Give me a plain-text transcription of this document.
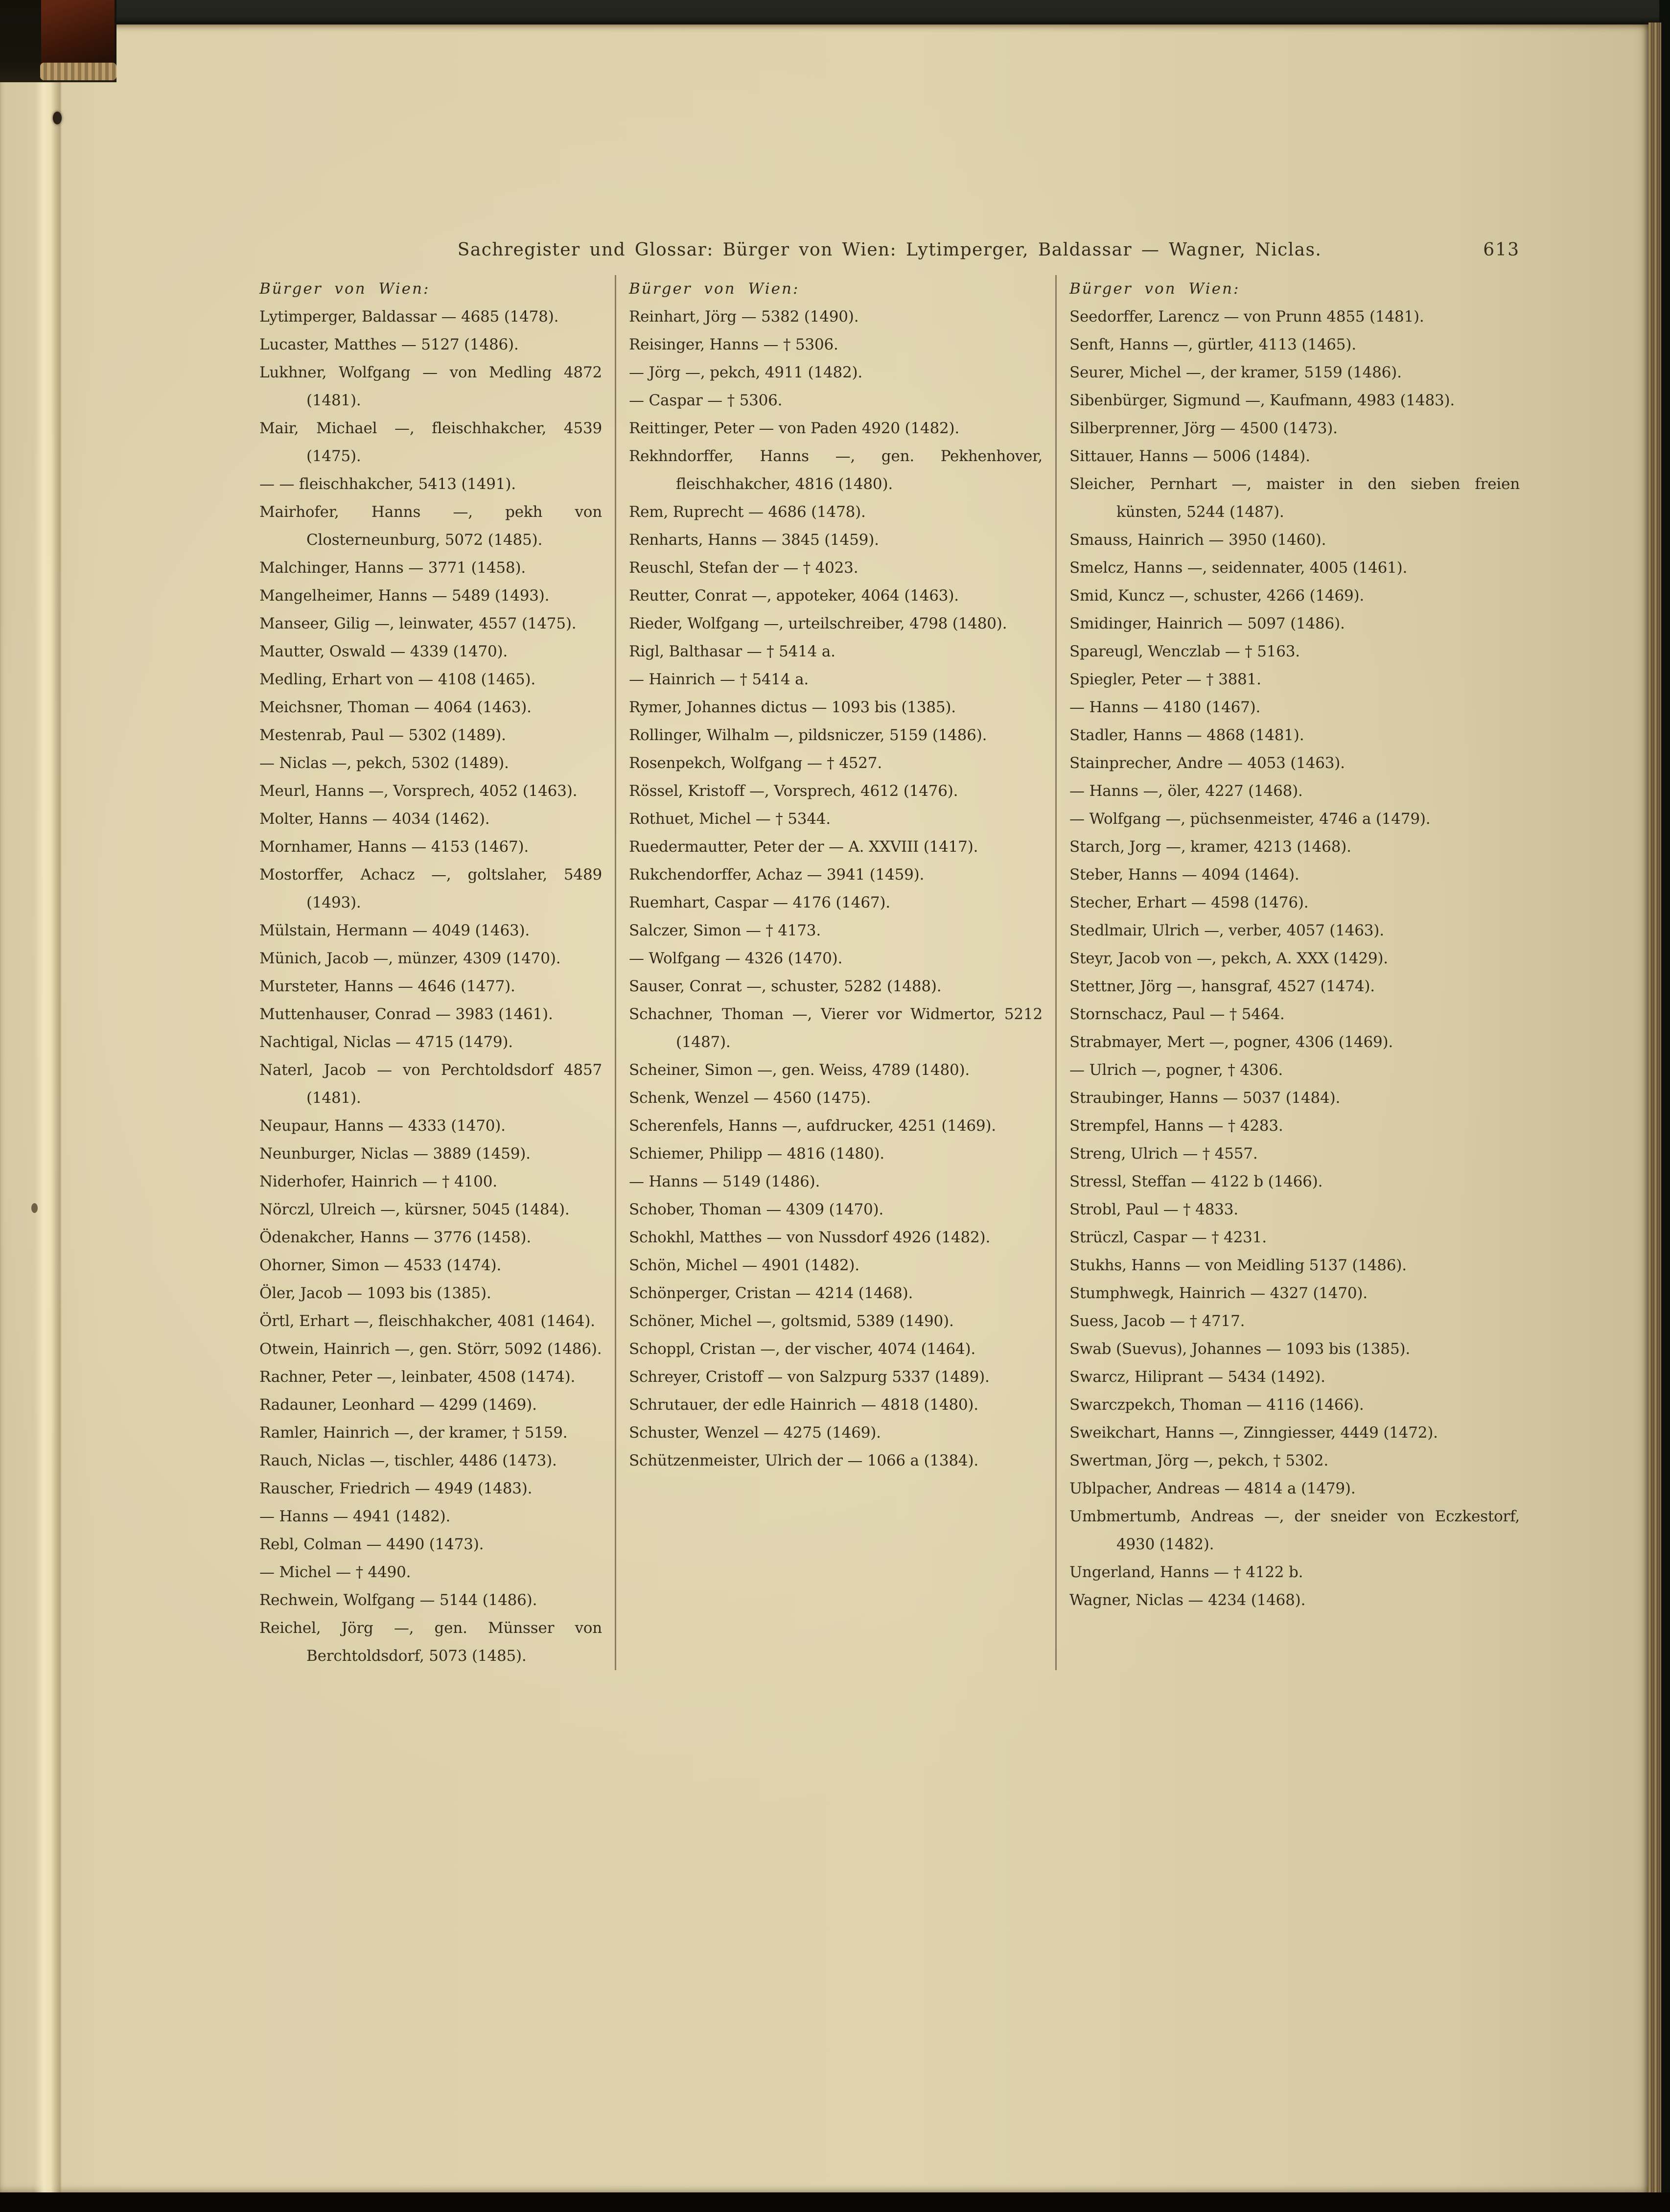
Sachregister und Glossar: Bürger von Wien: Lytimperger, Baldassar — Wagner, Niclas.	613

Bürger von Wien:

Lytimperger, Baldassar — 4685 (1478).

Lucaster, Matthes — 5127 (1486).

Lukhner, Wolfgang — von Medling 4872 (1481).

Mair, Michael —, fleischhakcher, 4539 (1475).

— — fleischhakcher, 5413 (1491).

Mairhofer, Hanns —, pekh von Closterneunburg, 5072 (1485).

Malchinger, Hanns — 3771 (1458).

Mangelheimer, Hanns — 5489 (1493).

Manseer, Gilig —, leinwater, 4557 (1475).

Mautter, Oswald — 4339 (1470).

Medling, Erhart von — 4108 (1465).

Meichsner, Thoman — 4064 (1463).

Mestenrab, Paul — 5302 (1489).

— Niclas —, pekch, 5302 (1489).

Meurl, Hanns —, Vorsprech, 4052 (1463).

Molter, Hanns — 4034 (1462).

Mornhamer, Hanns — 4153 (1467).

Mostorffer, Achacz —, goltslaher, 5489 (1493).

Mülstain, Hermann — 4049 (1463).

Münich, Jacob —, münzer, 4309 (1470).

Mursteter, Hanns — 4646 (1477).

Muttenhauser, Conrad — 3983 (1461).

Nachtigal, Niclas — 4715 (1479).

Naterl, Jacob — von Perchtoldsdorf 4857 (1481).

Neupaur, Hanns — 4333 (1470).

Neunburger, Niclas — 3889 (1459).

Niderhofer, Hainrich — † 4100.

Nörczl, Ulreich —, kürsner, 5045 (1484).

Ödenakcher, Hanns — 3776 (1458).

Ohorner, Simon — 4533 (1474).

Öler, Jacob — 1093 bis (1385).

Örtl, Erhart —, fleischhakcher, 4081 (1464).

Otwein, Hainrich —, gen. Störr, 5092 (1486).

Rachner, Peter —, leinbater, 4508 (1474).

Radauner, Leonhard — 4299 (1469).

Ramler, Hainrich —, der kramer, † 5159.

Rauch, Niclas —, tischler, 4486 (1473).

Rauscher, Friedrich — 4949 (1483).

— Hanns — 4941 (1482).

Rebl, Colman — 4490 (1473).

— Michel — † 4490.

Rechwein, Wolfgang — 5144 (1486).

Reichel, Jörg —, gen. Münsser von Berchtoldsdorf, 5073 (1485).

Bürger von Wien:

Reinhart, Jörg — 5382 (1490).

Reisinger, Hanns — † 5306.

— Jörg —, pekch, 4911 (1482).

— Caspar — † 5306.

Reittinger, Peter — von Paden 4920 (1482).

Rekhndorffer, Hanns —, gen. Pekhenhover, fleischhakcher, 4816 (1480).

Rem, Ruprecht — 4686 (1478).

Renharts, Hanns — 3845 (1459).

Reuschl, Stefan der — † 4023.

Reutter, Conrat —, appoteker, 4064 (1463).

Rieder, Wolfgang —, urteilschreiber, 4798 (1480).

Rigl, Balthasar — † 5414 a.

— Hainrich — † 5414 a.

Rymer, Johannes dictus — 1093 bis (1385).

Rollinger, Wilhalm —, pildsniczer, 5159 (1486).

Rosenpekch, Wolfgang — † 4527.

Rössel, Kristoff —, Vorsprech, 4612 (1476).

Rothuet, Michel — † 5344.

Ruedermautter, Peter der — A. XXVIII (1417).

Rukchendorffer, Achaz — 3941 (1459).

Ruemhart, Caspar — 4176 (1467).

Salczer, Simon — † 4173.

— Wolfgang — 4326 (1470).

Sauser, Conrat —, schuster, 5282 (1488).

Schachner, Thoman —, Vierer vor Widmertor, 5212 (1487).

Scheiner, Simon —, gen. Weiss, 4789 (1480).

Schenk, Wenzel — 4560 (1475).

Scherenfels, Hanns —, aufdrucker, 4251 (1469).

Schiemer, Philipp — 4816 (1480).

— Hanns — 5149 (1486).

Schober, Thoman — 4309 (1470).

Schokhl, Matthes — von Nussdorf 4926 (1482).

Schön, Michel — 4901 (1482).

Schönperger, Cristan — 4214 (1468).

Schöner, Michel —, goltsmid, 5389 (1490).

Schoppl, Cristan —, der vischer, 4074 (1464).

Schreyer, Cristoff — von Salzpurg 5337 (1489).

Schrutauer, der edle Hainrich — 4818 (1480).

Schuster, Wenzel — 4275 (1469).

Schützenmeister, Ulrich der — 1066 a (1384).

Bürger von Wien:

Seedorffer, Larencz — von Prunn 4855 (1481).

Senft, Hanns —, gürtler, 4113 (1465).

Seurer, Michel —, der kramer, 5159 (1486).

Sibenbürger, Sigmund —, Kaufmann, 4983 (1483).

Silberprenner, Jörg — 4500 (1473).

Sittauer, Hanns — 5006 (1484).

Sleicher, Pernhart —, maister in den sieben freien künsten, 5244 (1487).

Smauss, Hainrich — 3950 (1460).

Smelcz, Hanns —, seidennater, 4005 (1461).

Smid, Kuncz —, schuster, 4266 (1469).

Smidinger, Hainrich — 5097 (1486).

Spareugl, Wenczlab — † 5163.

Spiegler, Peter — † 3881.

— Hanns — 4180 (1467).

Stadler, Hanns — 4868 (1481).

Stainprecher, Andre — 4053 (1463).

— Hanns —, öler, 4227 (1468).

— Wolfgang —, püchsenmeister, 4746 a (1479).

Starch, Jorg —, kramer, 4213 (1468).

Steber, Hanns — 4094 (1464).

Stecher, Erhart — 4598 (1476).

Stedlmair, Ulrich —, verber, 4057 (1463).

Steyr, Jacob von —, pekch, A. XXX (1429).

Stettner, Jörg —, hansgraf, 4527 (1474).

Stornschacz, Paul — † 5464.

Strabmayer, Mert —, pogner, 4306 (1469).

— Ulrich —, pogner, † 4306.

Straubinger, Hanns — 5037 (1484).

Strempfel, Hanns — † 4283.

Streng, Ulrich — † 4557.

Stressl, Steffan — 4122 b (1466).

Strobl, Paul — † 4833.

Strüczl, Caspar — † 4231.

Stukhs, Hanns — von Meidling 5137 (1486).

Stumphwegk, Hainrich — 4327 (1470).

Suess, Jacob — † 4717.

Swab (Suevus), Johannes — 1093 bis (1385).

Swarcz, Hiliprant — 5434 (1492).

Swarczpekch, Thoman — 4116 (1466).

Sweikchart, Hanns —, Zinngiesser, 4449 (1472).

Swertman, Jörg —, pekch, † 5302.

Ublpacher, Andreas — 4814 a (1479).

Umbmertumb, Andreas —, der sneider von Eczkestorf, 4930 (1482).

Ungerland, Hanns — † 4122 b.

Wagner, Niclas — 4234 (1468).
